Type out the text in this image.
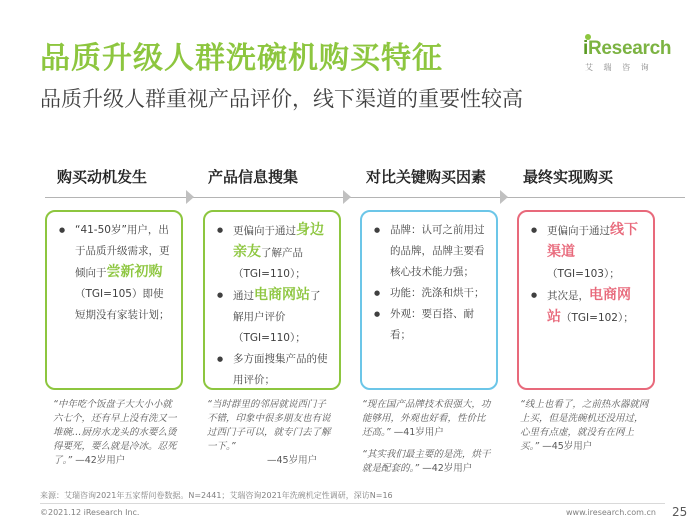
品质升级人群洗碗机购买特征
品质升级人群重视产品评价，线下渠道的重要性较高
iResearch
艾 瑞 咨 询
购买动机发生	产品信息搜集	对比关键购买因素 最终实现购买
● “41-50岁”用户，出于品质升级需求，更倾向于尝新初购（TGI=105）即使短期没有家装计划；
● 更偏向于通过身边亲友了解产品（TGI=110）；
● 通过电商网站了解用户评价（TGI=110）；
● 多方面搜集产品的使用评价；
● 品牌：认可之前用过的品牌，品牌主要看核心技术能力强；
● 功能：洗涤和烘干；
● 外观：要百搭、耐看；
● 更偏向于通过线下渠道（TGI=103）；
● 其次是，电商网站（TGI=102）；
“中年吃个饭盘子大大小小就六七个，还有早上没有洗又一堆碗…厨房水龙头的水要么烫得要死，要么就是冷冰。忍死了。” —42岁用户
“当时群里的邻居就说西门子不错，印象中很多朋友也有说过西门子可以，就专门去了解一下。”
—45岁用户
“现在国产品牌技术很强大，功能够用，外观也好看，性价比还高。” —41岁用户
“其实我们最主要的是洗，烘干就是配套的。” —42岁用户
“线上也看了，之前热水器就网上买，但是洗碗机还没用过，心里有点虚，就没有在网上买。” —45岁用户
来源：艾瑞咨询2021年五家帮问卷数据。N=2441；艾瑞咨询2021年洗碗机定性调研，深访N=16
©2021.12 iResearch Inc.	www.iresearch.com.cn 25
